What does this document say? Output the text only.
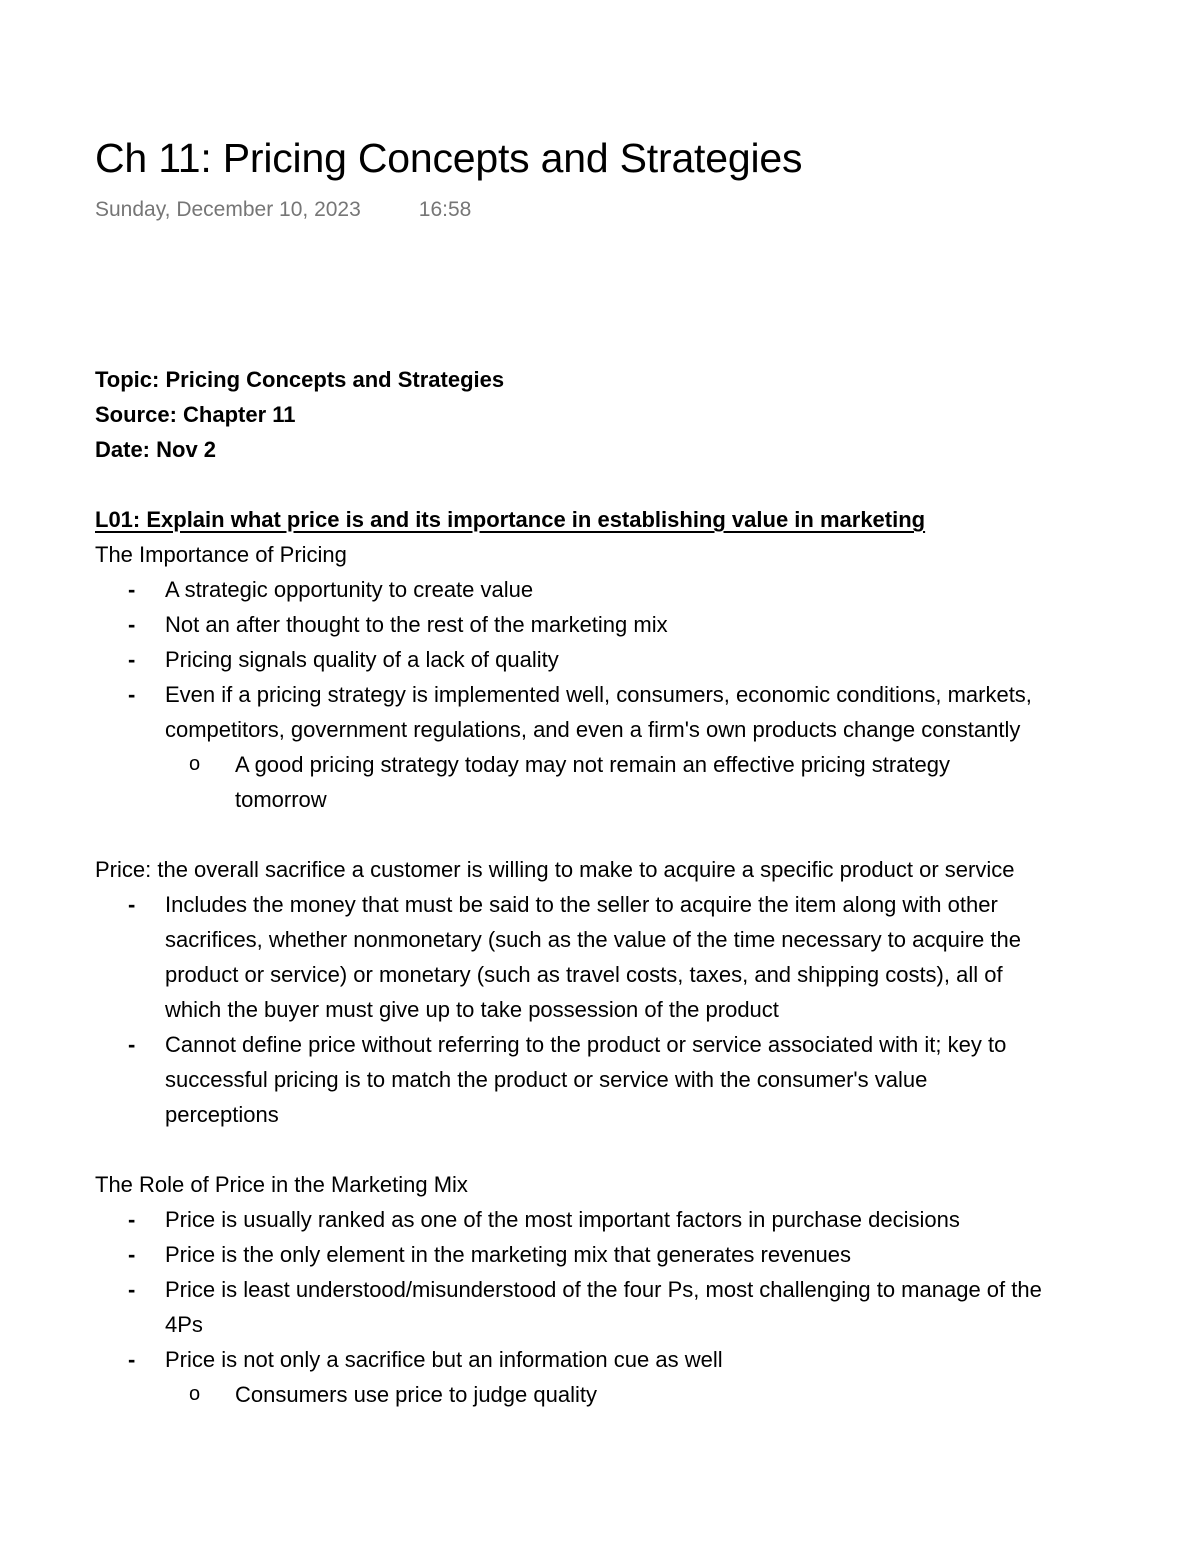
Ch 11: Pricing Concepts and Strategies
Sunday, December 10, 2023	16:58
Topic: Pricing Concepts and Strategies
Source: Chapter 11
Date: Nov 2
L01: Explain what price is and its importance in establishing value in marketing
The Importance of Pricing
- A strategic opportunity to create value
- Not an after thought to the rest of the marketing mix
- Pricing signals quality of a lack of quality
- Even if a pricing strategy is implemented well, consumers, economic conditions, markets,
competitors, government regulations, and even a firm's own products change constantly
o A good pricing strategy today may not remain an effective pricing strategy
tomorrow
Price: the overall sacrifice a customer is willing to make to acquire a specific product or service
- Includes the money that must be said to the seller to acquire the item along with other
sacrifices, whether nonmonetary (such as the value of the time necessary to acquire the
product or service) or monetary (such as travel costs, taxes, and shipping costs), all of
which the buyer must give up to take possession of the product
- Cannot define price without referring to the product or service associated with it; key to
successful pricing is to match the product or service with the consumer's value
perceptions
The Role of Price in the Marketing Mix
- Price is usually ranked as one of the most important factors in purchase decisions
- Price is the only element in the marketing mix that generates revenues
- Price is least understood/misunderstood of the four Ps, most challenging to manage of the
4Ps
- Price is not only a sacrifice but an information cue as well
o Consumers use price to judge quality
